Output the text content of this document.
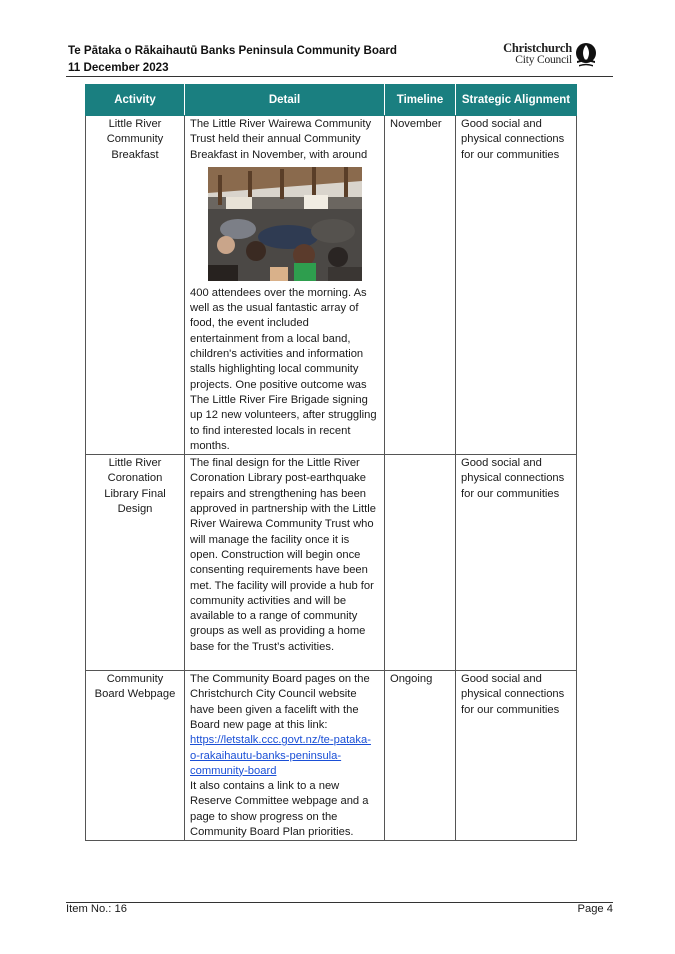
Te Pātaka o Rākaihautū Banks Peninsula Community Board
11 December 2023
Christchurch
City Council
Activity	Detail	Timeline	Strategic Alignment
Little River Community Breakfast	The Little River Wairewa Community Trust held their annual Community Breakfast in November, with around
400 attendees over the morning. As well as the usual fantastic array of food, the event included entertainment from a local band, children's activities and information stalls highlighting local community projects. One positive outcome was The Little River Fire Brigade signing up 12 new volunteers, after struggling to find interested locals in recent months.	November	Good social and physical connections for our communities
Little River Coronation Library Final Design	The final design for the Little River Coronation Library post-earthquake repairs and strengthening has been approved in partnership with the Little River Wairewa Community Trust who will manage the facility once it is open. Construction will begin once consenting requirements have been met. The facility will provide a hub for community activities and will be available to a range of community groups as well as providing a home base for the Trust’s activities.		Good social and physical connections for our communities
Community Board Webpage	The Community Board pages on the Christchurch City Council website have been given a facelift with the Board new page at this link:
https://letstalk.ccc.govt.nz/te-pataka-o-rakaihautu-banks-peninsula-community-board
It also contains a link to a new Reserve Committee webpage and a page to show progress on the Community Board Plan priorities.	Ongoing	Good social and physical connections for our communities
Item No.: 16	Page 4
